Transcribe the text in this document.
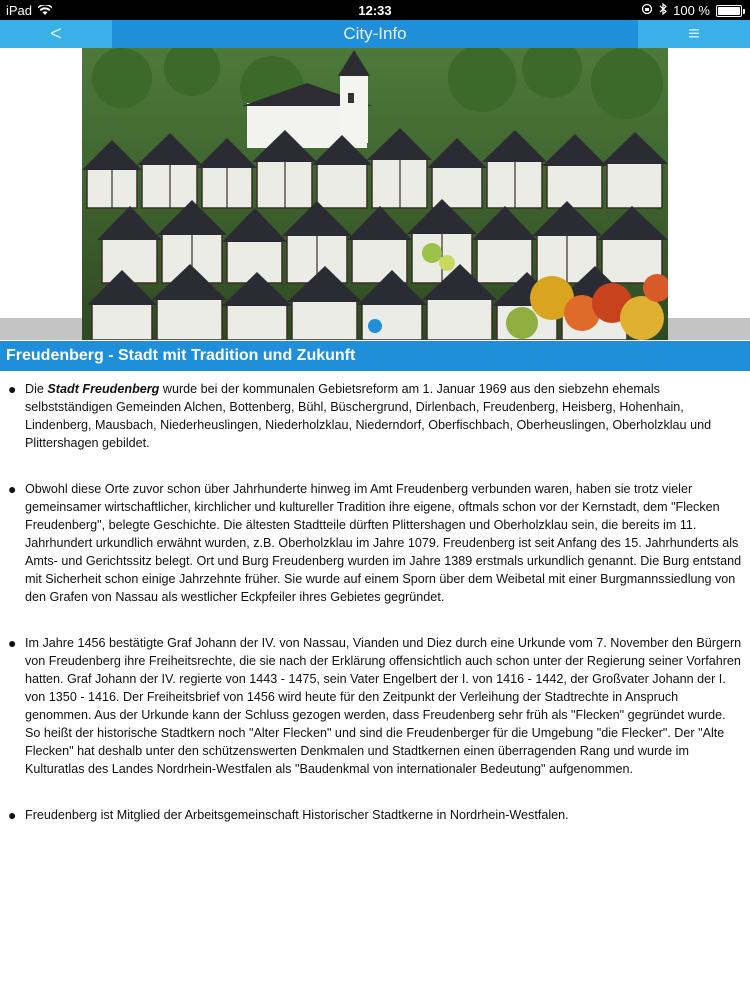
iPad	12:33	100 %
<	City-Info	≡
Freudenberg - Stadt mit Tradition und Zukunft
● Die Stadt Freudenberg wurde bei der kommunalen Gebietsreform am 1. Januar 1969 aus den siebzehn ehemals selbstständigen Gemeinden Alchen, Bottenberg, Bühl, Büschergrund, Dirlenbach, Freudenberg, Heisberg, Hohenhain, Lindenberg, Mausbach, Niederheuslingen, Niederholzklau, Niederndorf, Oberfischbach, Oberheuslingen, Oberholzklau und Plittershagen gebildet.
● Obwohl diese Orte zuvor schon über Jahrhunderte hinweg im Amt Freudenberg verbunden waren, haben sie trotz vieler gemeinsamer wirtschaftlicher, kirchlicher und kultureller Tradition ihre eigene, oftmals schon vor der Kernstadt, dem "Flecken Freudenberg", belegte Geschichte. Die ältesten Stadtteile dürften Plittershagen und Oberholzklau sein, die bereits im 11. Jahrhundert urkundlich erwähnt wurden, z.B. Oberholzklau im Jahre 1079. Freudenberg ist seit Anfang des 15. Jahrhunderts als Amts- und Gerichtssitz belegt. Ort und Burg Freudenberg wurden im Jahre 1389 erstmals urkundlich genannt. Die Burg entstand mit Sicherheit schon einige Jahrzehnte früher. Sie wurde auf einem Sporn über dem Weibetal mit einer Burgmannssiedlung von den Grafen von Nassau als westlicher Eckpfeiler ihres Gebietes gegründet.
● Im Jahre 1456 bestätigte Graf Johann der IV. von Nassau, Vianden und Diez durch eine Urkunde vom 7. November den Bürgern von Freudenberg ihre Freiheitsrechte, die sie nach der Erklärung offensichtlich auch schon unter der Regierung seiner Vorfahren hatten. Graf Johann der IV. regierte von 1443 - 1475, sein Vater Engelbert der I. von 1416 - 1442, der Großvater Johann der I. von 1350 - 1416. Der Freiheitsbrief von 1456 wird heute für den Zeitpunkt der Verleihung der Stadtrechte in Anspruch genommen. Aus der Urkunde kann der Schluss gezogen werden, dass Freudenberg sehr früh als "Flecken" gegründet wurde. So heißt der historische Stadtkern noch "Alter Flecken" und sind die Freudenberger für die Umgebung "die Flecker". Der "Alte Flecken" hat deshalb unter den schützenswerten Denkmalen und Stadtkernen einen überragenden Rang und wurde im Kulturatlas des Landes Nordrhein-Westfalen als "Baudenkmal von internationaler Bedeutung" aufgenommen.
● Freudenberg ist Mitglied der Arbeitsgemeinschaft Historischer Stadtkerne in Nordrhein-Westfalen.
